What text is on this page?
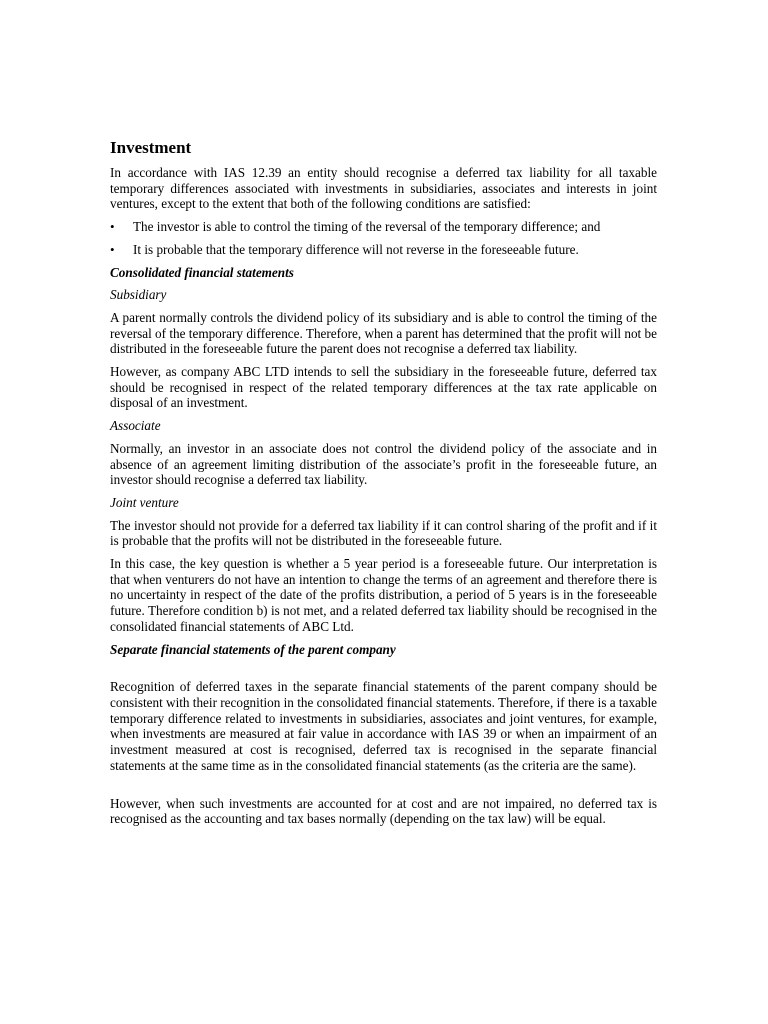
Investment

In accordance with IAS 12.39 an entity should recognise a deferred tax liability for all taxable temporary differences associated with investments in subsidiaries, associates and interests in joint ventures, except to the extent that both of the following conditions are satisfied:

• The investor is able to control the timing of the reversal of the temporary difference; and
• It is probable that the temporary difference will not reverse in the foreseeable future.
Consolidated financial statements
Subsidiary

A parent normally controls the dividend policy of its subsidiary and is able to control the timing of the reversal of the temporary difference. Therefore, when a parent has determined that the profit will not be distributed in the foreseeable future the parent does not recognise a deferred tax liability.

However, as company ABC LTD intends to sell the subsidiary in the foreseeable future, deferred tax should be recognised in respect of the related temporary differences at the tax rate applicable on disposal of an investment.

Associate

Normally, an investor in an associate does not control the dividend policy of the associate and in absence of an agreement limiting distribution of the associate’s profit in the foreseeable future, an investor should recognise a deferred tax liability.

Joint venture

The investor should not provide for a deferred tax liability if it can control sharing of the profit and if it is probable that the profits will not be distributed in the foreseeable future.

In this case, the key question is whether a 5 year period is a foreseeable future. Our interpretation is that when venturers do not have an intention to change the terms of an agreement and therefore there is no uncertainty in respect of the date of the profits distribution, a period of 5 years is in the foreseeable future. Therefore condition b) is not met, and a related deferred tax liability should be recognised in the consolidated financial statements of ABC Ltd.

Separate financial statements of the parent company

Recognition of deferred taxes in the separate financial statements of the parent company should be consistent with their recognition in the consolidated financial statements. Therefore, if there is a taxable temporary difference related to investments in subsidiaries, associates and joint ventures, for example, when investments are measured at fair value in accordance with IAS 39 or when an impairment of an investment measured at cost is recognised, deferred tax is recognised in the separate financial statements at the same time as in the consolidated financial statements (as the criteria are the same).

However, when such investments are accounted for at cost and are not impaired, no deferred tax is recognised as the accounting and tax bases normally (depending on the tax law) will be equal.
